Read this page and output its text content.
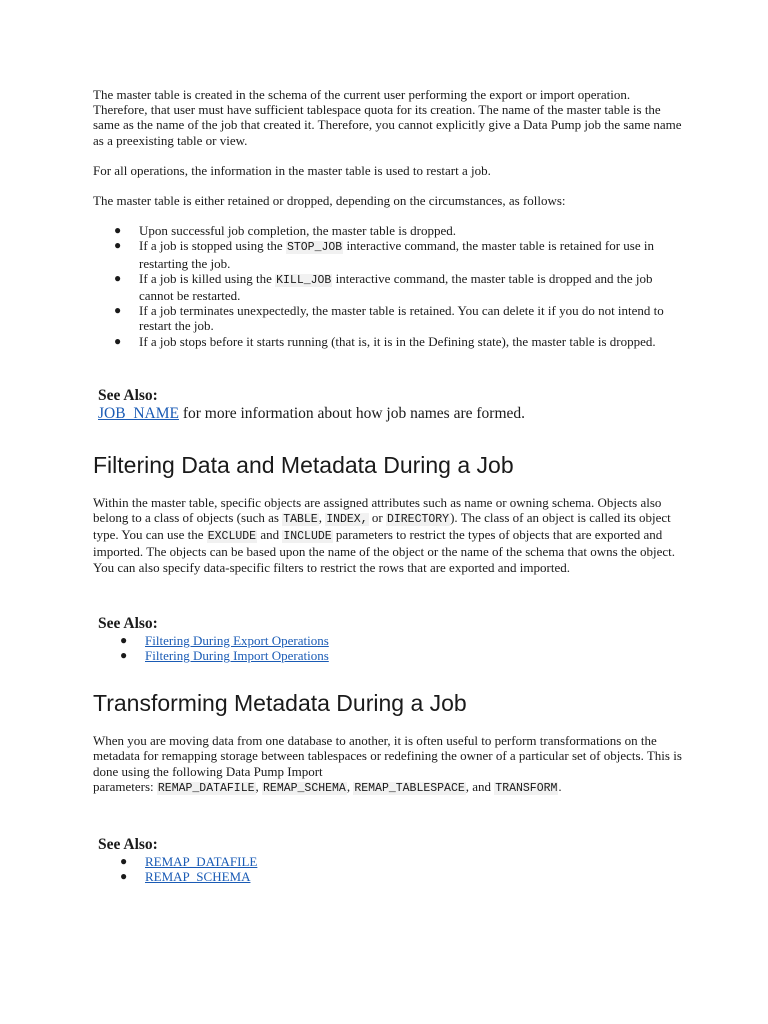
The master table is created in the schema of the current user performing the export or import operation. Therefore, that user must have sufficient tablespace quota for its creation. The name of the master table is the same as the name of the job that created it. Therefore, you cannot explicitly give a Data Pump job the same name as a preexisting table or view.

For all operations, the information in the master table is used to restart a job.

The master table is either retained or dropped, depending on the circumstances, as follows:

● Upon successful job completion, the master table is dropped.
● If a job is stopped using the STOP_JOB interactive command, the master table is retained for use in restarting the job.
● If a job is killed using the KILL_JOB interactive command, the master table is dropped and the job cannot be restarted.
● If a job terminates unexpectedly, the master table is retained. You can delete it if you do not intend to restart the job.
● If a job stops before it starts running (that is, it is in the Defining state), the master table is dropped.
See Also:
JOB_NAME for more information about how job names are formed.
Filtering Data and Metadata During a Job

Within the master table, specific objects are assigned attributes such as name or owning schema. Objects also belong to a class of objects (such as TABLE, INDEX, or DIRECTORY). The class of an object is called its object type. You can use the EXCLUDE and INCLUDE parameters to restrict the types of objects that are exported and imported. The objects can be based upon the name of the object or the name of the schema that owns the object. You can also specify data-specific filters to restrict the rows that are exported and imported.

See Also:
● Filtering During Export Operations
● Filtering During Import Operations
Transforming Metadata During a Job

When you are moving data from one database to another, it is often useful to perform transformations on the metadata for remapping storage between tablespaces or redefining the owner of a particular set of objects. This is done using the following Data Pump Import
parameters: REMAP_DATAFILE, REMAP_SCHEMA, REMAP_TABLESPACE, and TRANSFORM.

See Also:
● REMAP_DATAFILE
● REMAP_SCHEMA
